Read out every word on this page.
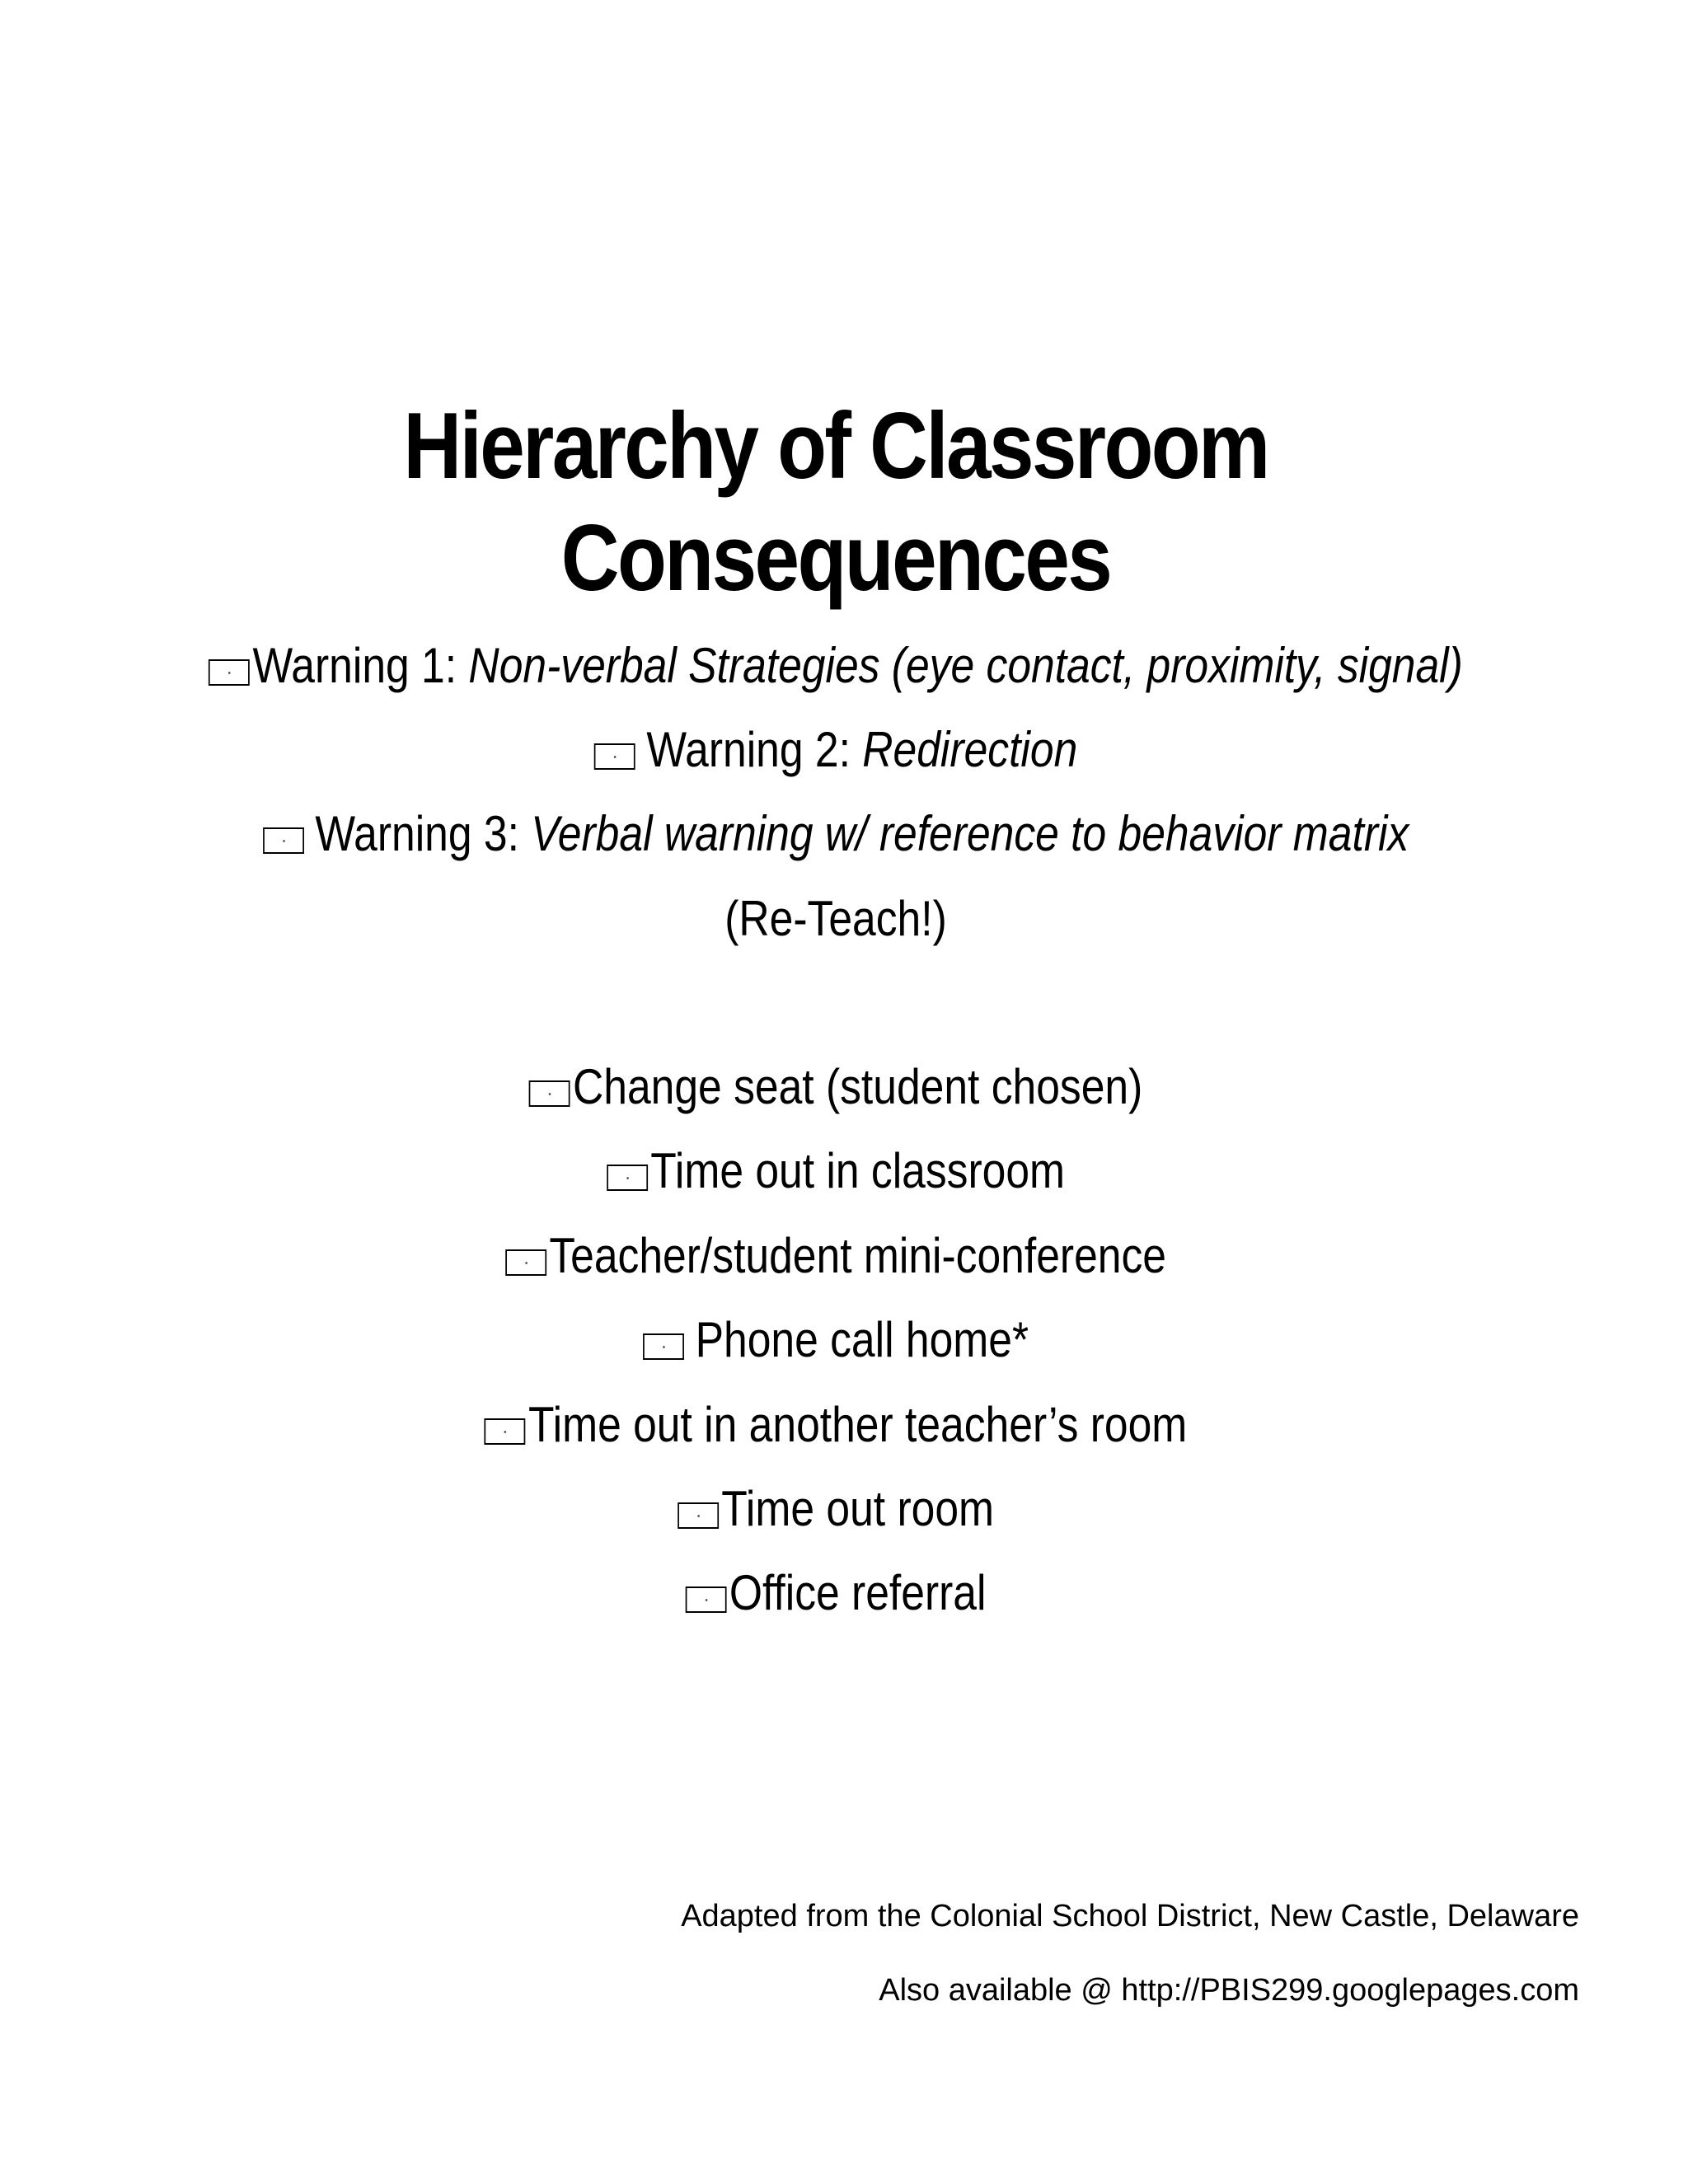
Hierarchy of Classroom
Consequences
Warning 1: Non-verbal Strategies (eye contact, proximity, signal)
Warning 2: Redirection
Warning 3: Verbal warning w/ reference to behavior matrix
(Re-Teach!)
Change seat (student chosen)
Time out in classroom
Teacher/student mini-conference
Phone call home*
Time out in another teacher’s room
Time out room
Office referral
Adapted from the Colonial School District, New Castle, Delaware
Also available @ http://PBIS299.googlepages.com
